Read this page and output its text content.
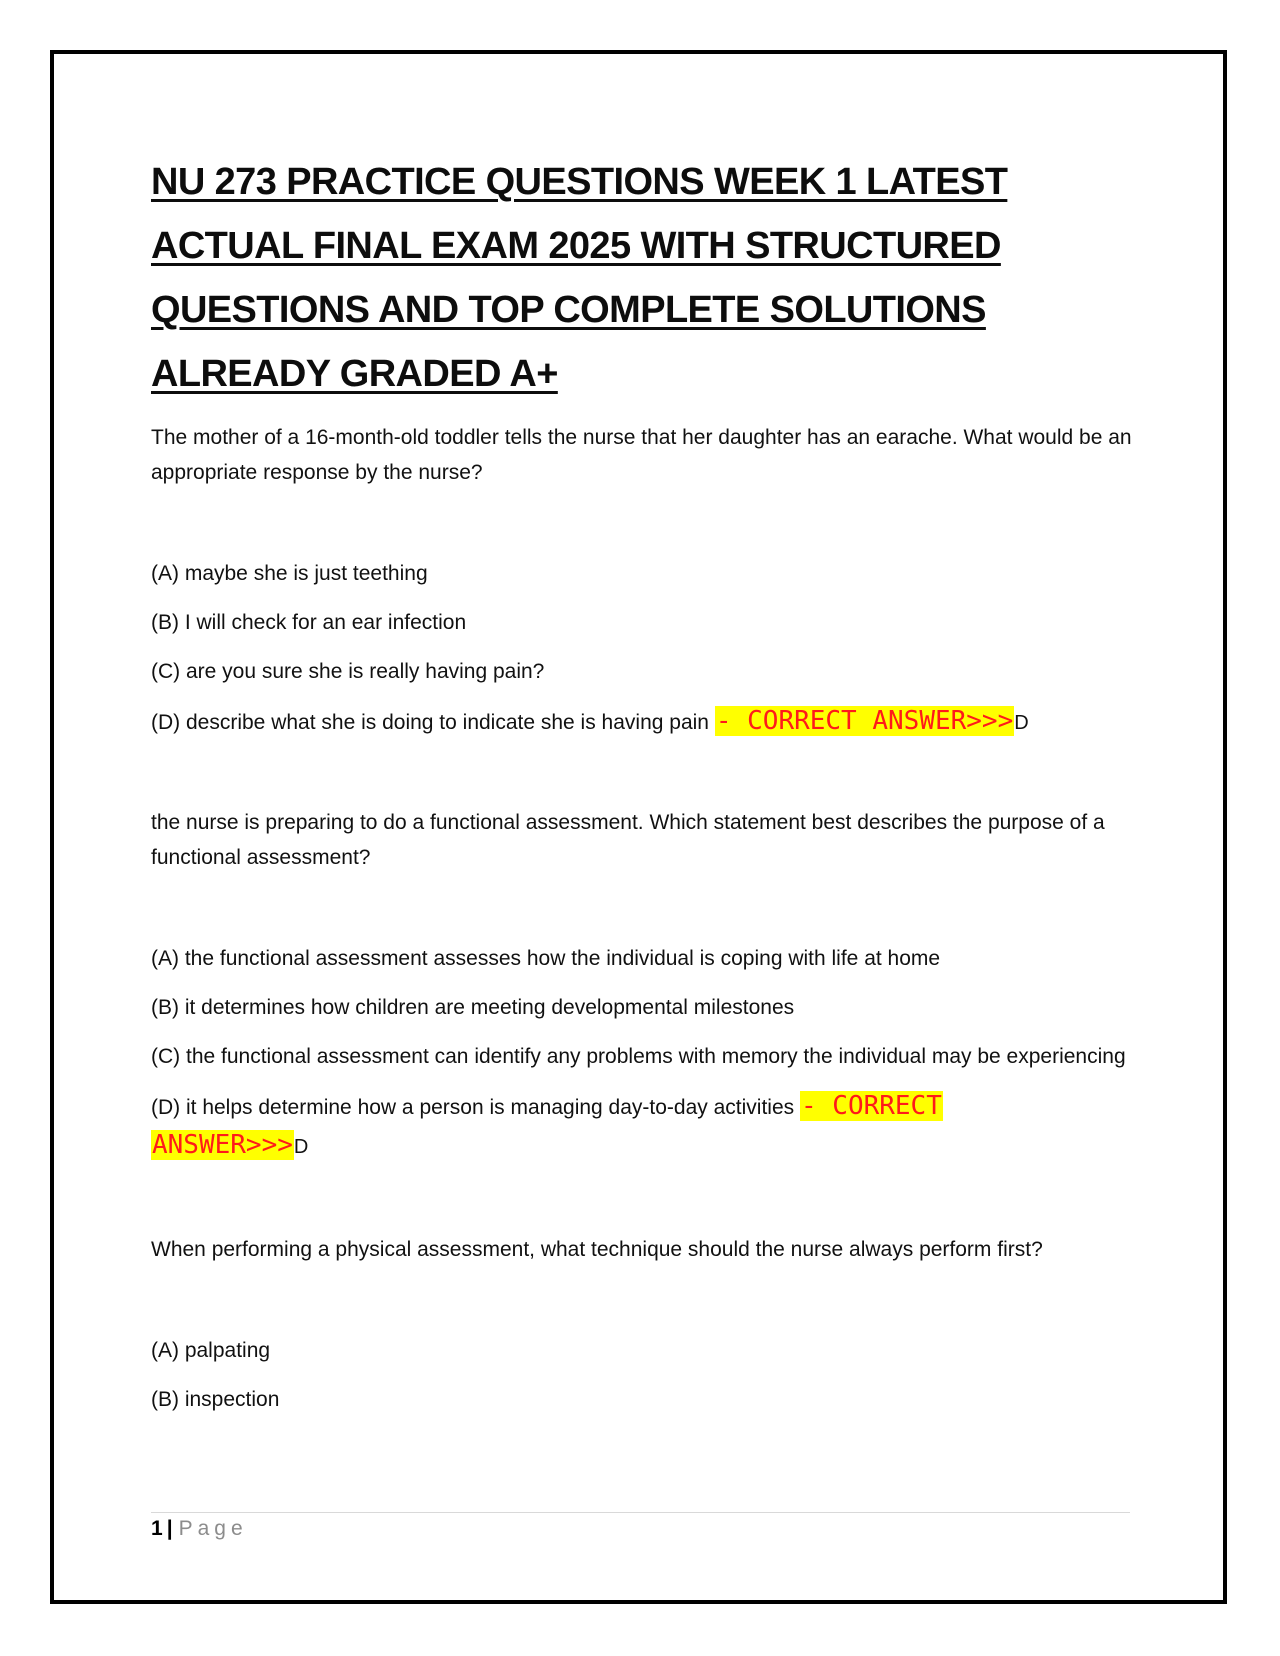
NU 273 PRACTICE QUESTIONS WEEK 1 LATEST
ACTUAL FINAL EXAM 2025 WITH STRUCTURED
QUESTIONS AND TOP COMPLETE SOLUTIONS
ALREADY GRADED A+

The mother of a 16-month-old toddler tells the nurse that her daughter has an earache. What would be an appropriate response by the nurse?

(A) maybe she is just teething

(B) I will check for an ear infection

(C) are you sure she is really having pain?

(D) describe what she is doing to indicate she is having pain - CORRECT ANSWER>>>D

the nurse is preparing to do a functional assessment. Which statement best describes the purpose of a functional assessment?

(A) the functional assessment assesses how the individual is coping with life at home

(B) it determines how children are meeting developmental milestones

(C) the functional assessment can identify any problems with memory the individual may be experiencing

(D) it helps determine how a person is managing day-to-day activities - CORRECT
ANSWER>>>D

When performing a physical assessment, what technique should the nurse always perform first?

(A) palpating

(B) inspection

1 | Page
